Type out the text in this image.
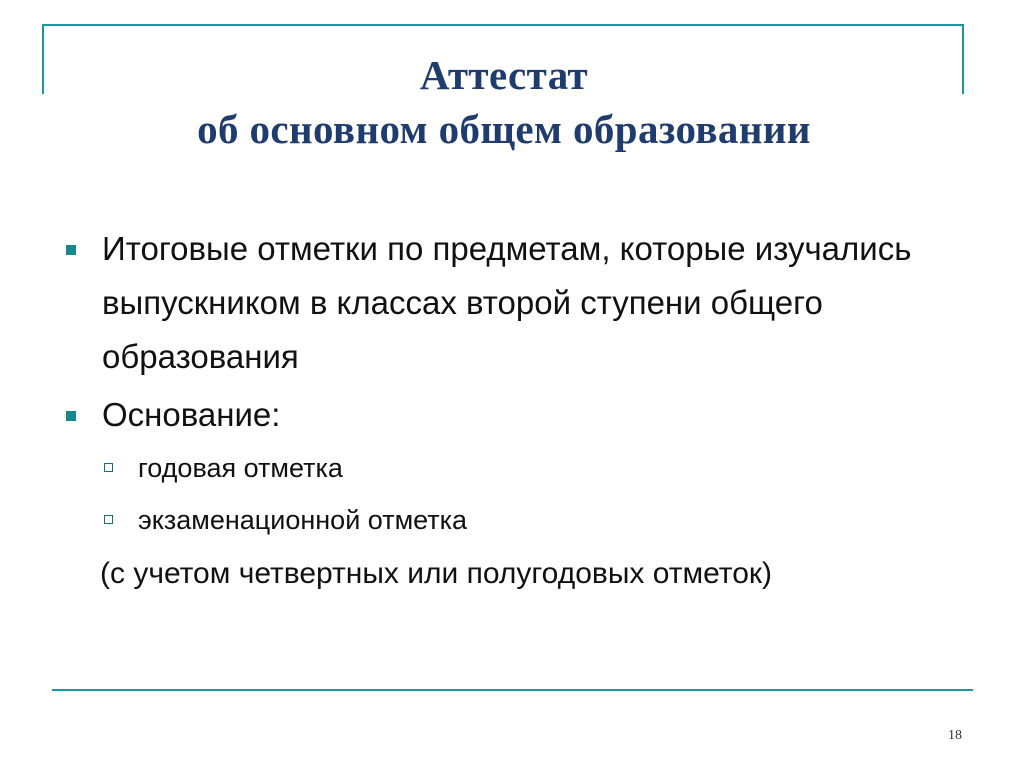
Аттестат
об основном общем образовании
Итоговые отметки по предметам, которые изучались выпускником в классах второй ступени общего образования
Основание:
годовая отметка
экзаменационной отметка
(с учетом четвертных или полугодовых отметок)
18
